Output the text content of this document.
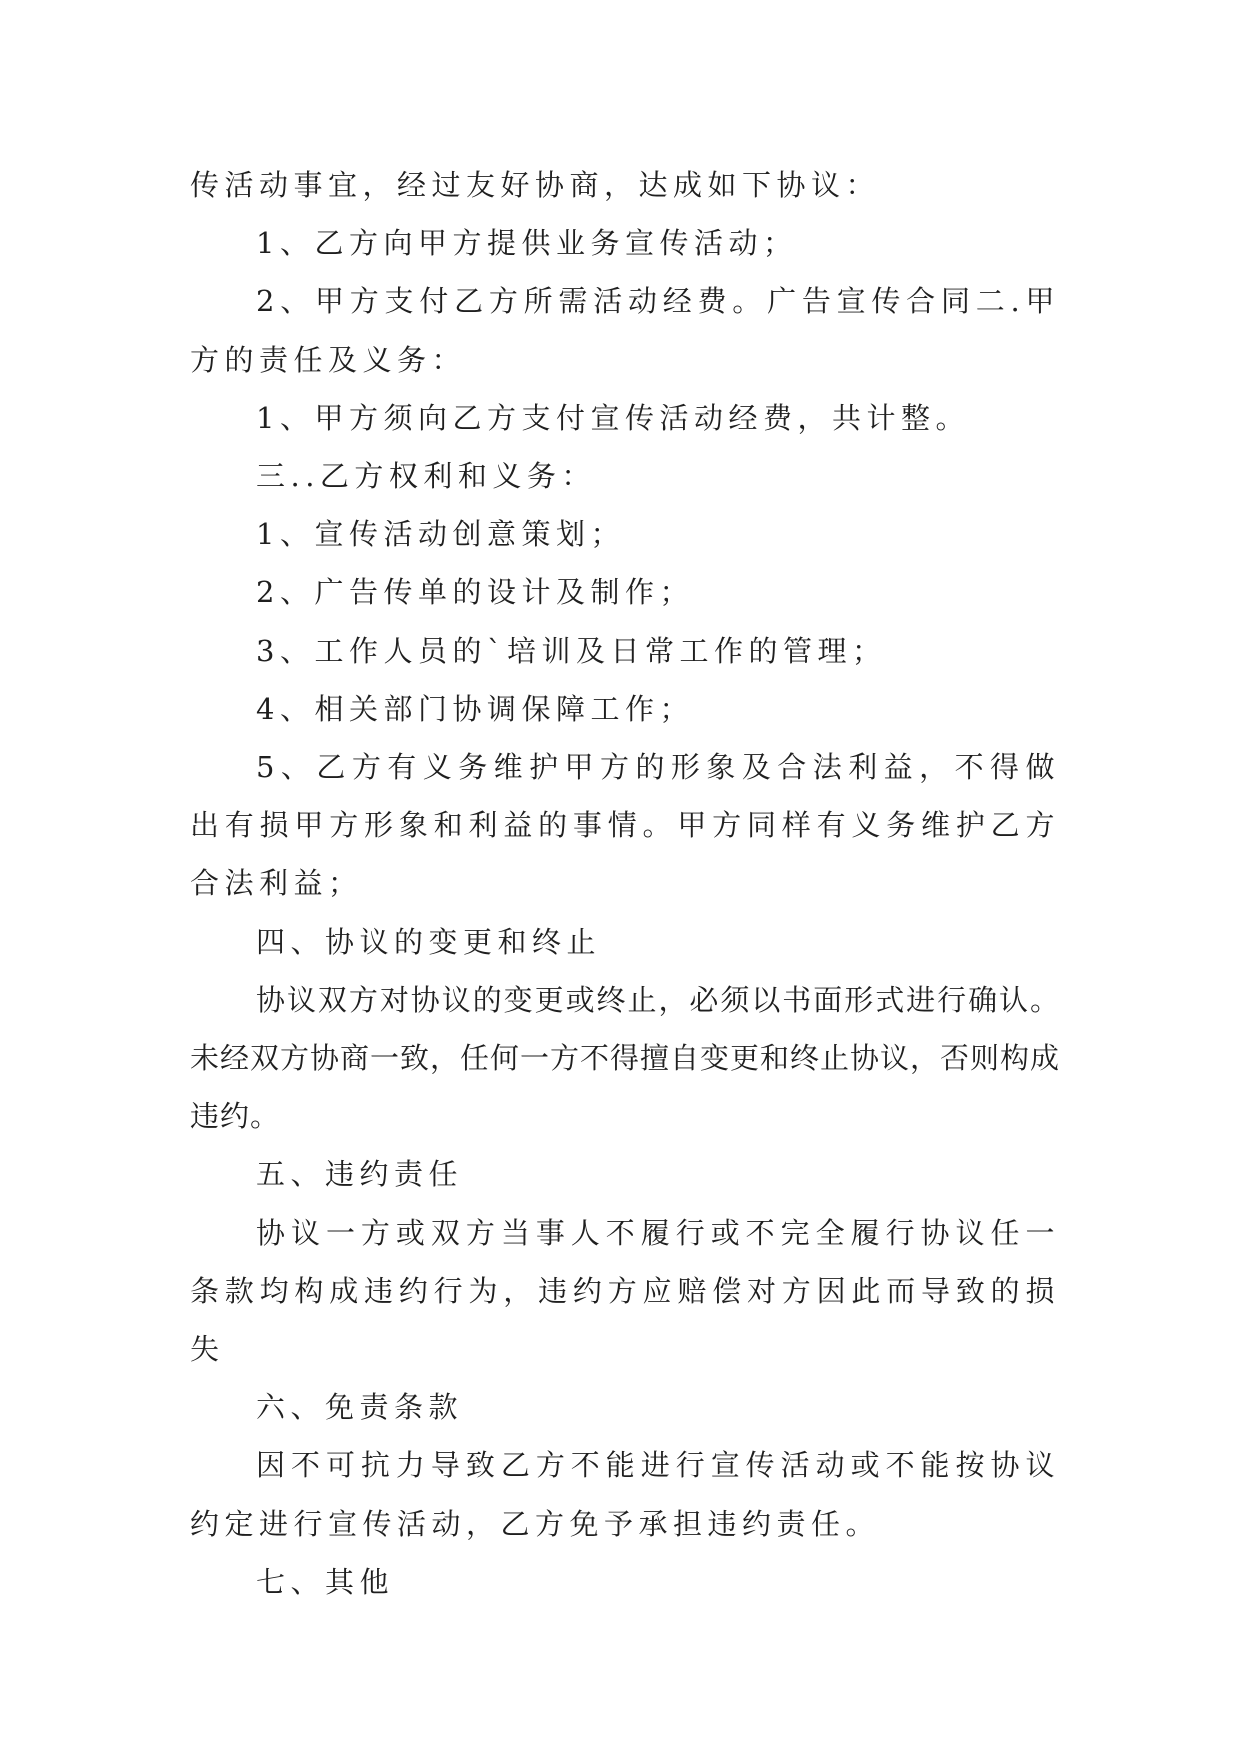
传活动事宜，经过友好协商，达成如下协议：

1、乙方向甲方提供业务宣传活动；

2、甲方支付乙方所需活动经费。广告宣传合同二.甲方的责任及义务：

1、甲方须向乙方支付宣传活动经费，共计整。

三..乙方权利和义务：

1、宣传活动创意策划；

2、广告传单的设计及制作；

3、工作人员的`培训及日常工作的管理；

4、相关部门协调保障工作；

5、乙方有义务维护甲方的形象及合法利益，不得做出有损甲方形象和利益的事情。甲方同样有义务维护乙方合法利益；

四、协议的变更和终止

协议双方对协议的变更或终止，必须以书面形式进行确认。未经双方协商一致，任何一方不得擅自变更和终止协议，否则构成违约。

五、违约责任

协议一方或双方当事人不履行或不完全履行协议任一条款均构成违约行为，违约方应赔偿对方因此而导致的损失

六、免责条款

因不可抗力导致乙方不能进行宣传活动或不能按协议约定进行宣传活动，乙方免予承担违约责任。

七、其他
